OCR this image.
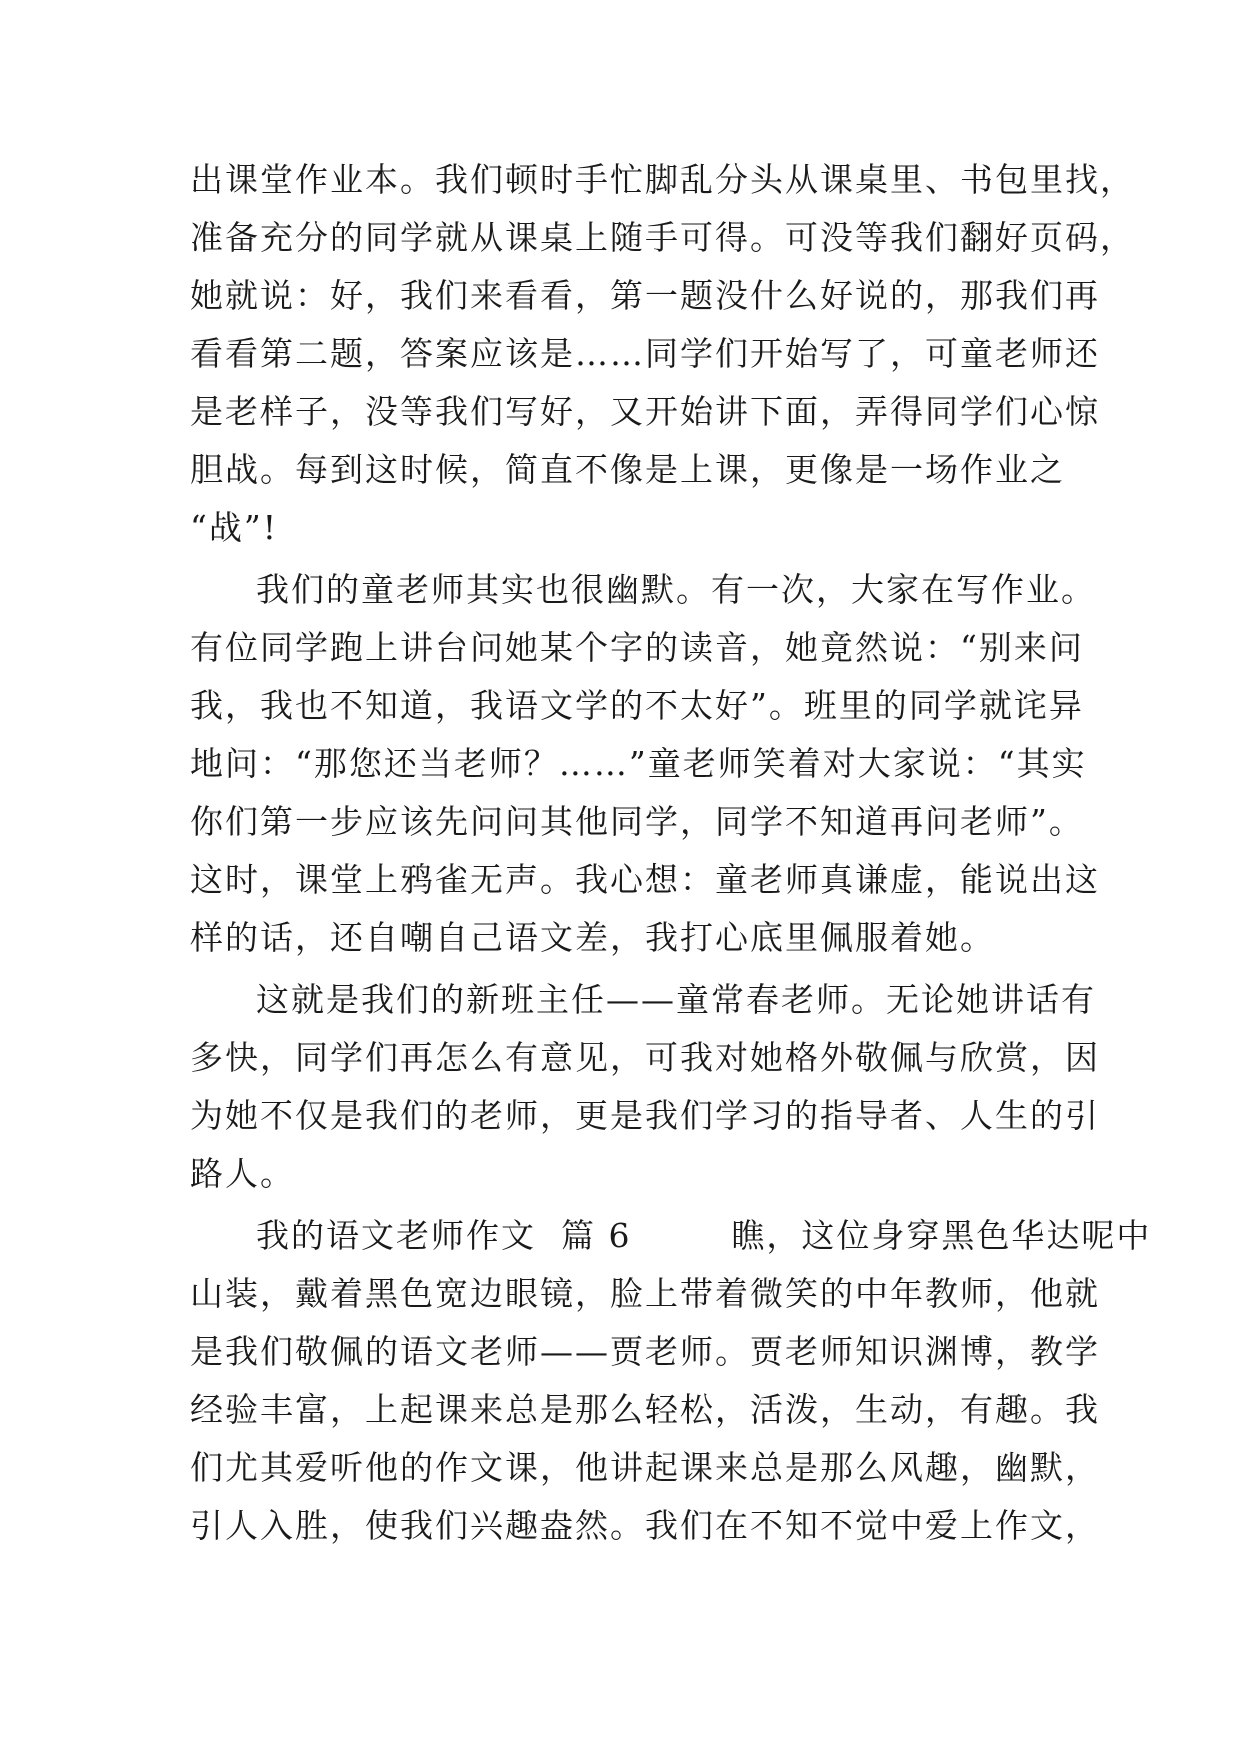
出课堂作业本。我们顿时手忙脚乱分头从课桌里、书包里找，
准备充分的同学就从课桌上随手可得。可没等我们翻好页码，
她就说：好，我们来看看，第一题没什么好说的，那我们再
看看第二题，答案应该是……同学们开始写了，可童老师还
是老样子，没等我们写好，又开始讲下面，弄得同学们心惊
胆战。每到这时候，简直不像是上课，更像是一场作业之
“战”!
我们的童老师其实也很幽默。有一次，大家在写作业。
有位同学跑上讲台问她某个字的读音，她竟然说：“别来问
我，我也不知道，我语文学的不太好”。班里的同学就诧异
地问：“那您还当老师？……”童老师笑着对大家说：“其实
你们第一步应该先问问其他同学，同学不知道再问老师”。
这时，课堂上鸦雀无声。我心想：童老师真谦虚，能说出这
样的话，还自嘲自己语文差，我打心底里佩服着她。
这就是我们的新班主任——童常春老师。无论她讲话有
多快，同学们再怎么有意见，可我对她格外敬佩与欣赏，因
为她不仅是我们的老师，更是我们学习的指导者、人生的引
路人。
我的语文老师作文  篇 6        瞧，这位身穿黑色华达呢中
山装，戴着黑色宽边眼镜，脸上带着微笑的中年教师，他就
是我们敬佩的语文老师——贾老师。贾老师知识渊博，教学
经验丰富，上起课来总是那么轻松，活泼，生动，有趣。我
们尤其爱听他的作文课，他讲起课来总是那么风趣，幽默，
引人入胜，使我们兴趣盎然。我们在不知不觉中爱上作文，
